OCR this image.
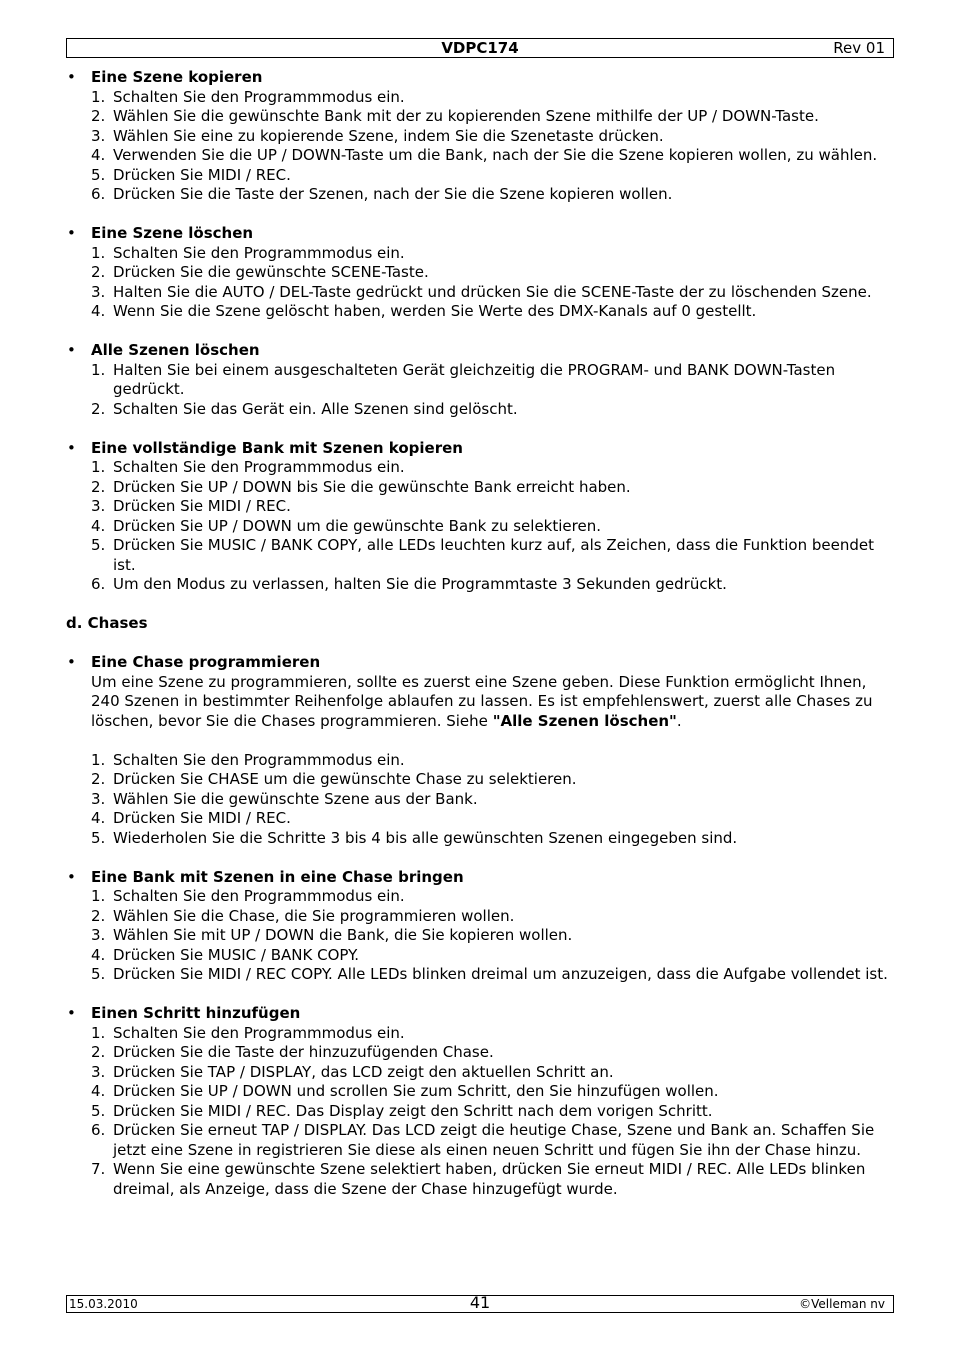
VDPC174	Rev 01
• Eine Szene kopieren
1. Schalten Sie den Programmmodus ein.
2. Wählen Sie die gewünschte Bank mit der zu kopierenden Szene mithilfe der UP / DOWN-Taste.
3. Wählen Sie eine zu kopierende Szene, indem Sie die Szenetaste drücken.
4. Verwenden Sie die UP / DOWN-Taste um die Bank, nach der Sie die Szene kopieren wollen, zu wählen.
5. Drücken Sie MIDI / REC.
6. Drücken Sie die Taste der Szenen, nach der Sie die Szene kopieren wollen.
• Eine Szene löschen
1. Schalten Sie den Programmmodus ein.
2. Drücken Sie die gewünschte SCENE-Taste.
3. Halten Sie die AUTO / DEL-Taste gedrückt und drücken Sie die SCENE-Taste der zu löschenden Szene.
4. Wenn Sie die Szene gelöscht haben, werden Sie Werte des DMX-Kanals auf 0 gestellt.
• Alle Szenen löschen
1. Halten Sie bei einem ausgeschalteten Gerät gleichzeitig die PROGRAM- und BANK DOWN-Tasten gedrückt.
2. Schalten Sie das Gerät ein. Alle Szenen sind gelöscht.
• Eine vollständige Bank mit Szenen kopieren
1. Schalten Sie den Programmmodus ein.
2. Drücken Sie UP / DOWN bis Sie die gewünschte Bank erreicht haben.
3. Drücken Sie MIDI / REC.
4. Drücken Sie UP / DOWN um die gewünschte Bank zu selektieren.
5. Drücken Sie MUSIC / BANK COPY, alle LEDs leuchten kurz auf, als Zeichen, dass die Funktion beendet ist.
6. Um den Modus zu verlassen, halten Sie die Programmtaste 3 Sekunden gedrückt.
d. Chases
• Eine Chase programmieren
Um eine Szene zu programmieren, sollte es zuerst eine Szene geben. Diese Funktion ermöglicht Ihnen, 240 Szenen in bestimmter Reihenfolge ablaufen zu lassen. Es ist empfehlenswert, zuerst alle Chases zu löschen, bevor Sie die Chases programmieren. Siehe "Alle Szenen löschen".
1. Schalten Sie den Programmmodus ein.
2. Drücken Sie CHASE um die gewünschte Chase zu selektieren.
3. Wählen Sie die gewünschte Szene aus der Bank.
4. Drücken Sie MIDI / REC.
5. Wiederholen Sie die Schritte 3 bis 4 bis alle gewünschten Szenen eingegeben sind.
• Eine Bank mit Szenen in eine Chase bringen
1. Schalten Sie den Programmmodus ein.
2. Wählen Sie die Chase, die Sie programmieren wollen.
3. Wählen Sie mit UP / DOWN die Bank, die Sie kopieren wollen.
4. Drücken Sie MUSIC / BANK COPY.
5. Drücken Sie MIDI / REC COPY. Alle LEDs blinken dreimal um anzuzeigen, dass die Aufgabe vollendet ist.
• Einen Schritt hinzufügen
1. Schalten Sie den Programmmodus ein.
2. Drücken Sie die Taste der hinzuzufügenden Chase.
3. Drücken Sie TAP / DISPLAY, das LCD zeigt den aktuellen Schritt an.
4. Drücken Sie UP / DOWN und scrollen Sie zum Schritt, den Sie hinzufügen wollen.
5. Drücken Sie MIDI / REC. Das Display zeigt den Schritt nach dem vorigen Schritt.
6. Drücken Sie erneut TAP / DISPLAY. Das LCD zeigt die heutige Chase, Szene und Bank an. Schaffen Sie jetzt eine Szene in registrieren Sie diese als einen neuen Schritt und fügen Sie ihn der Chase hinzu.
7. Wenn Sie eine gewünschte Szene selektiert haben, drücken Sie erneut MIDI / REC. Alle LEDs blinken dreimal, als Anzeige, dass die Szene der Chase hinzugefügt wurde.
15.03.2010	41	©Velleman nv
